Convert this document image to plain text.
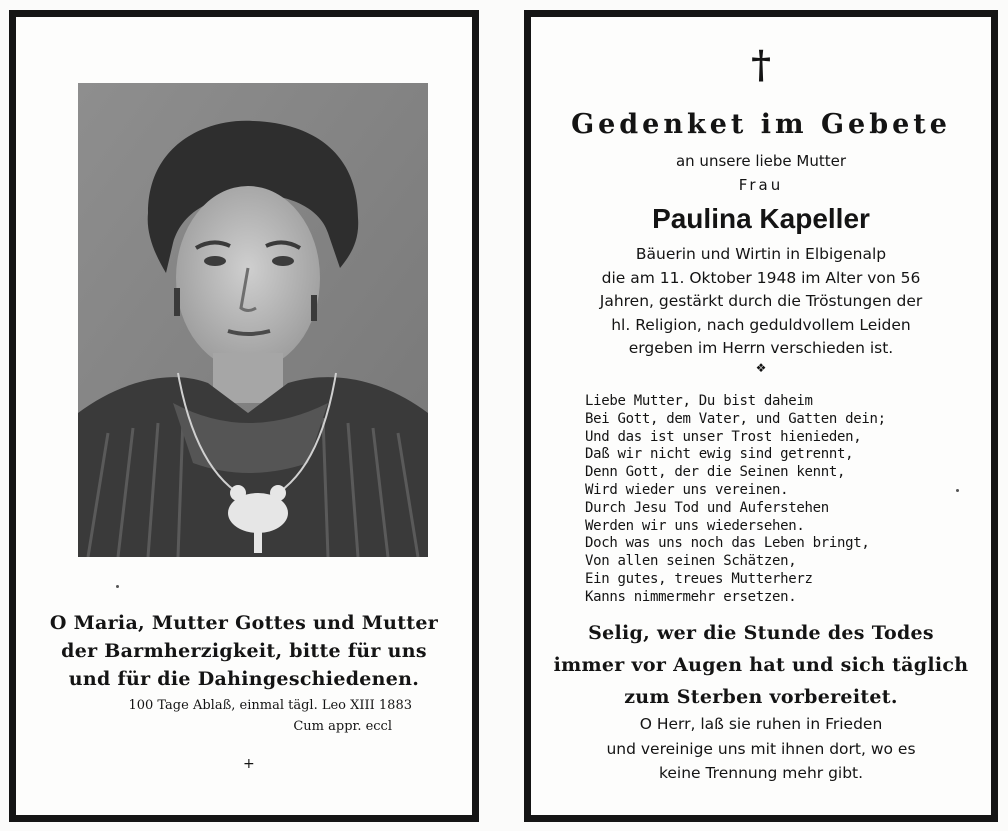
O Maria, Mutter Gottes und Mutter
der Barmherzigkeit, bitte für uns
und für die Dahingeschiedenen.
100 Tage Ablaß, einmal tägl. Leo XIII 1883
Cum appr. eccl
+
†
Gedenket im Gebete
an unsere liebe Mutter
Frau
Paulina Kapeller
Bäuerin und Wirtin in Elbigenalp
die am 11. Oktober 1948 im Alter von 56
Jahren, gestärkt durch die Tröstungen der
hl. Religion, nach geduldvollem Leiden
ergeben im Herrn verschieden ist.
❖
Liebe Mutter, Du bist daheim
Bei Gott, dem Vater, und Gatten dein;
Und das ist unser Trost hienieden,
Daß wir nicht ewig sind getrennt,
Denn Gott, der die Seinen kennt,
Wird wieder uns vereinen.
Durch Jesu Tod und Auferstehen
Werden wir uns wiedersehen.
Doch was uns noch das Leben bringt,
Von allen seinen Schätzen,
Ein gutes, treues Mutterherz
Kanns nimmermehr ersetzen.
Selig, wer die Stunde des Todes
immer vor Augen hat und sich täglich
zum Sterben vorbereitet.
O Herr, laß sie ruhen in Frieden
und vereinige uns mit ihnen dort, wo es
keine Trennung mehr gibt.
